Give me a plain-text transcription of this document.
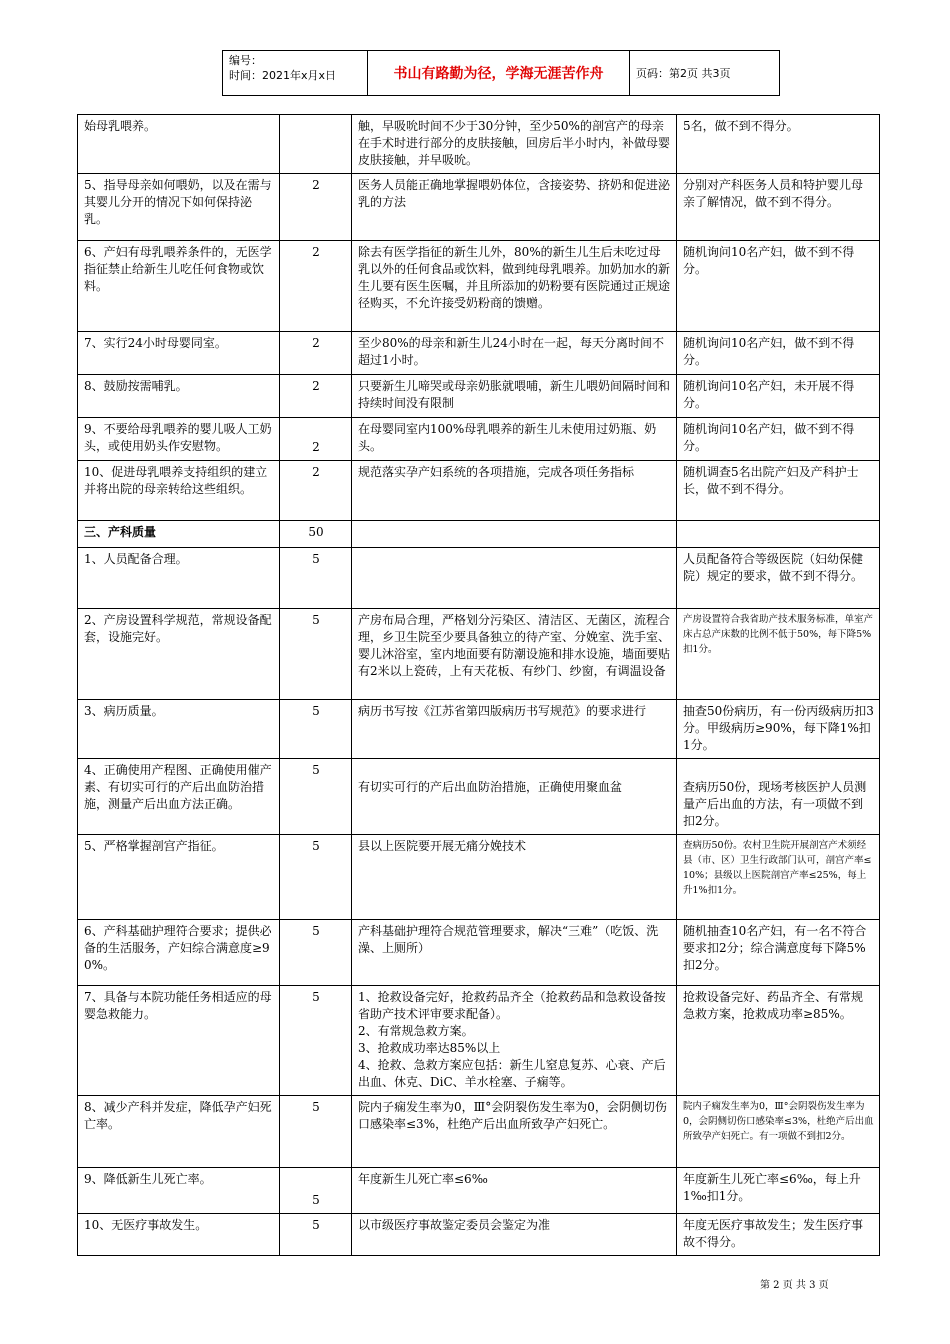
编号：
时间：2021年x月x日	书山有路勤为径，学海无涯苦作舟	页码：第2页 共3页
始母乳喂养。		触，早吸吮时间不少于30分钟，至少50%的剖宫产的母亲在手术时进行部分的皮肤接触，回房后半小时内，补做母婴皮肤接触，并早吸吮。	5名，做不到不得分。
5、指导母亲如何喂奶，以及在需与其婴儿分开的情况下如何保持泌乳。	2	医务人员能正确地掌握喂奶体位，含接姿势、挤奶和促进泌乳的方法	分别对产科医务人员和特护婴儿母亲了解情况，做不到不得分。
6、产妇有母乳喂养条件的，无医学指征禁止给新生儿吃任何食物或饮料。	2	除去有医学指征的新生儿外，80%的新生儿生后未吃过母乳以外的任何食品或饮料，做到纯母乳喂养。加奶加水的新生儿要有医生医嘱，并且所添加的奶粉要有医院通过正规途径购买，不允许接受奶粉商的馈赠。	随机询问10名产妇，做不到不得分。
7、实行24小时母婴同室。	2	至少80%的母亲和新生儿24小时在一起，每天分离时间不超过1小时。	随机询问10名产妇，做不到不得分。
8、鼓励按需哺乳。	2	只要新生儿啼哭或母亲奶胀就喂哺，新生儿喂奶间隔时间和持续时间没有限制	随机询问10名产妇，未开展不得分。
9、不要给母乳喂养的婴儿吸人工奶头，或使用奶头作安慰物。	2	在母婴同室内100%母乳喂养的新生儿未使用过奶瓶、奶头。	随机询问10名产妇，做不到不得分。
10、促进母乳喂养支持组织的建立并将出院的母亲转给这些组织。	2	规范落实孕产妇系统的各项措施，完成各项任务指标	随机调查5名出院产妇及产科护士长，做不到不得分。
三、产科质量	50		
1、人员配备合理。	5		人员配备符合等级医院（妇幼保健院）规定的要求，做不到不得分。
2、产房设置科学规范，常规设备配套，设施完好。	5	产房布局合理，严格划分污染区、清洁区、无菌区，流程合理，乡卫生院至少要具备独立的待产室、分娩室、洗手室、婴儿沐浴室，室内地面要有防潮设施和排水设施，墙面要贴有2米以上瓷砖，上有天花板、有纱门、纱窗，有调温设备	产房设置符合我省助产技术服务标准，单室产床占总产床数的比例不低于50%，每下降5%扣1分。
3、病历质量。	5	病历书写按《江苏省第四版病历书写规范》的要求进行	抽查50份病历，有一份丙级病历扣3分。甲级病历≥90%，每下降1%扣1分。
4、正确使用产程图、正确使用催产素、有切实可行的产后出血防治措施，测量产后出血方法正确。	5	有切实可行的产后出血防治措施，正确使用聚血盆	查病历50份，现场考核医护人员测量产后出血的方法，有一项做不到扣2分。
5、严格掌握剖宫产指征。	5	县以上医院要开展无痛分娩技术	查病历50份。农村卫生院开展剖宫产术须经县（市、区）卫生行政部门认可，剖宫产率≤10%；县级以上医院剖宫产率≤25%，每上升1%扣1分。
6、产科基础护理符合要求；提供必备的生活服务，产妇综合满意度≥90%。	5	产科基础护理符合规范管理要求，解决“三难”（吃饭、洗澡、上厕所）	随机抽查10名产妇，有一名不符合要求扣2分；综合满意度每下降5%扣2分。
7、具备与本院功能任务相适应的母婴急救能力。	5	1、抢救设备完好，抢救药品齐全（抢救药品和急救设备按省助产技术评审要求配备）。
2、有常规急救方案。
3、抢救成功率达85%以上
4、抢救、急救方案应包括：新生儿窒息复苏、心衰、产后出血、休克、DiC、羊水栓塞、子痫等。	抢救设备完好、药品齐全、有常规急救方案，抢救成功率≥85%。
8、减少产科并发症，降低孕产妇死亡率。	5	院内子痫发生率为0，Ⅲ°会阴裂伤发生率为0，会阴侧切伤口感染率≤3%，杜绝产后出血所致孕产妇死亡。	院内子痫发生率为0，Ⅲ°会阴裂伤发生率为0，会阴侧切伤口感染率≤3%，杜绝产后出血所致孕产妇死亡。有一项做不到扣2分。
9、降低新生儿死亡率。	5	年度新生儿死亡率≤6‰	年度新生儿死亡率≤6‰，每上升1‰扣1分。
10、无医疗事故发生。	5	以市级医疗事故鉴定委员会鉴定为准	年度无医疗事故发生；发生医疗事故不得分。
第 2 页 共 3 页
